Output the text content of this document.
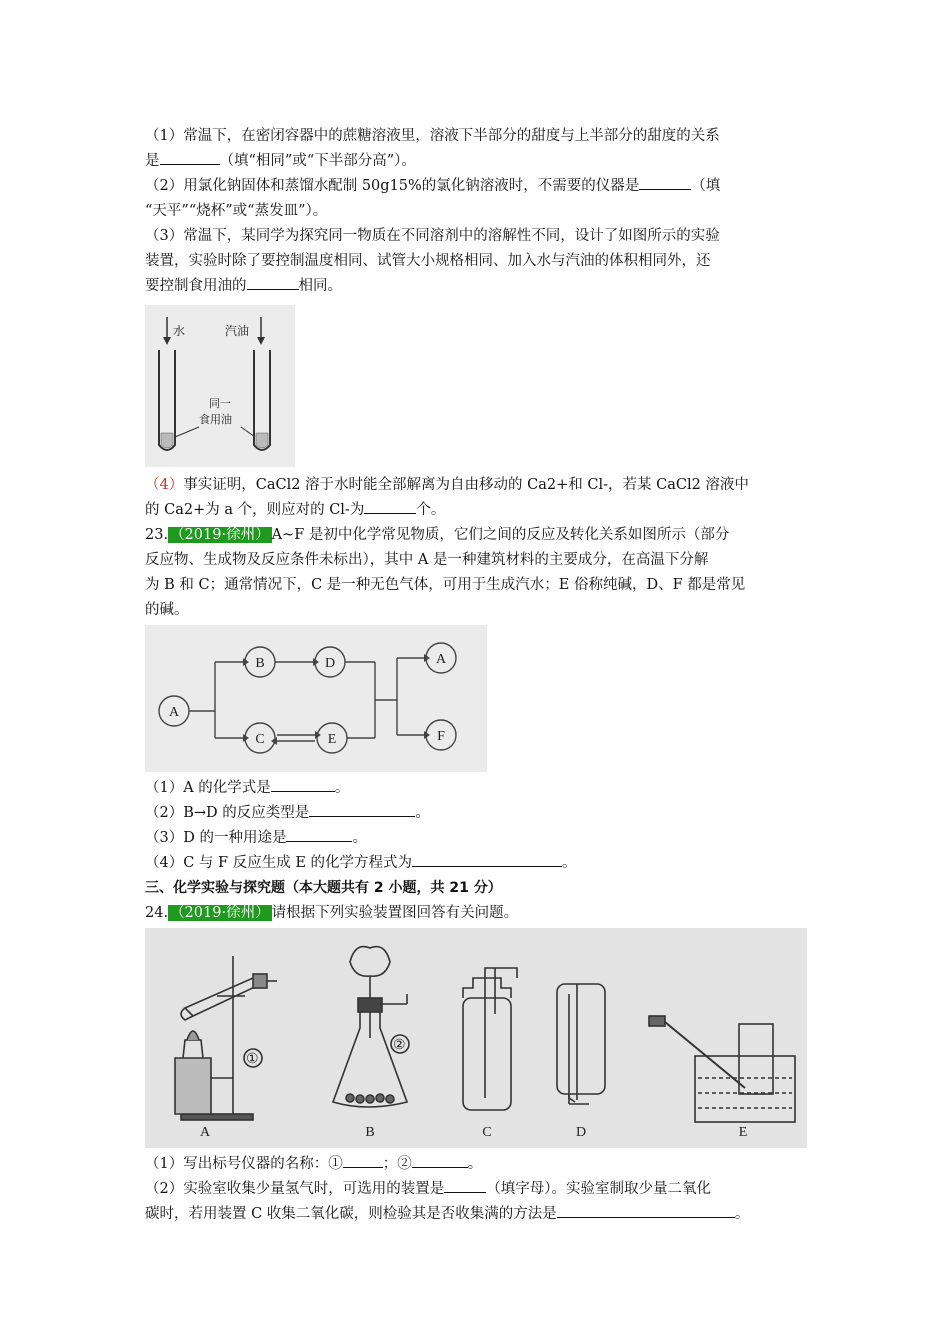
（1）常温下，在密闭容器中的蔗糖溶液里，溶液下半部分的甜度与上半部分的甜度的关系
是	（填“相同”或“下半部分高”）。
（2）用氯化钠固体和蒸馏水配制 50g15%的氯化钠溶液时，不需要的仪器是	（填
“天平”“烧杯”或“蒸发皿”）。
（3）常温下，某同学为探究同一物质在不同溶剂中的溶解性不同，设计了如图所示的实验
装置，实验时除了要控制温度相同、试管大小规格相同、加入水与汽油的体积相同外，还
要控制食用油的	相同。
水	汽油
同一
食用油
（4）事实证明，CaCl2 溶于水时能全部解离为自由移动的 Ca2+和 Cl-，若某 CaCl2 溶液中
的 Ca2+为 a 个，则应对的 Cl-为	个。
23. （2019·徐州） A~F 是初中化学常见物质，它们之间的反应及转化关系如图所示（部分
反应物、生成物及反应条件未标出），其中 A 是一种建筑材料的主要成分，在高温下分解
为 B 和 C；通常情况下，C 是一种无色气体，可用于生成汽水；E 俗称纯碱，D、F 都是常见
的碱。
A
B	D
C	E
A
F
（1）A 的化学式是	。
（2）B→D 的反应类型是	。
（3）D 的一种用途是	。
（4）C 与 F 反应生成 E 的化学方程式为	。
三、化学实验与探究题（本大题共有 2 小题，共 21 分）
24. （2019·徐州） 请根据下列实验装置图回答有关问题。
①
②
A	B	C	D	E
（1）写出标号仪器的名称：①	；②	。
（2）实验室收集少量氢气时，可选用的装置是	（填字母）。实验室制取少量二氧化
碳时，若用装置 C 收集二氧化碳，则检验其是否收集满的方法是	。
